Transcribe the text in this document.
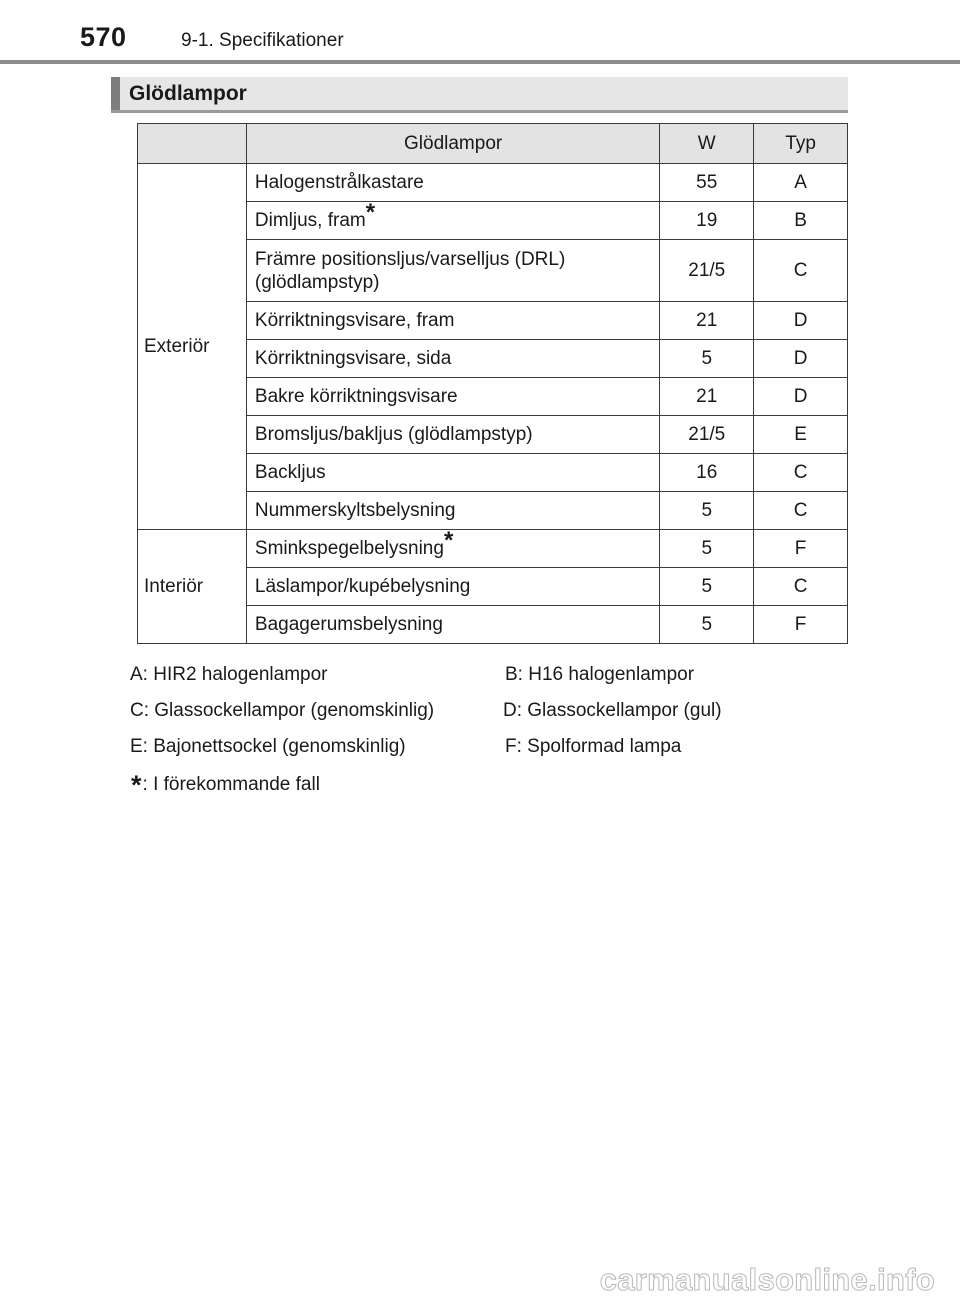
570	9-1. Specifikationer
Glödlampor
	Glödlampor	W	Typ
Exteriör	Halogenstrålkastare	55	A
	Dimljus, fram*	19	B
	Främre positionsljus/varselljus (DRL)
(glödlampstyp)	21/5	C
	Körriktningsvisare, fram	21	D
	Körriktningsvisare, sida	5	D
	Bakre körriktningsvisare	21	D
	Bromsljus/bakljus (glödlampstyp)	21/5	E
	Backljus	16	C
	Nummerskyltsbelysning	5	C
Interiör	Sminkspegelbelysning*	5	F
	Läslampor/kupébelysning	5	C
	Bagagerumsbelysning	5	F
A: HIR2 halogenlampor	B: H16 halogenlampor
C: Glassockellampor (genomskinlig)	D: Glassockellampor (gul)
E: Bajonettsockel (genomskinlig)	F: Spolformad lampa
*: I förekommande fall
carmanualsonline.info
